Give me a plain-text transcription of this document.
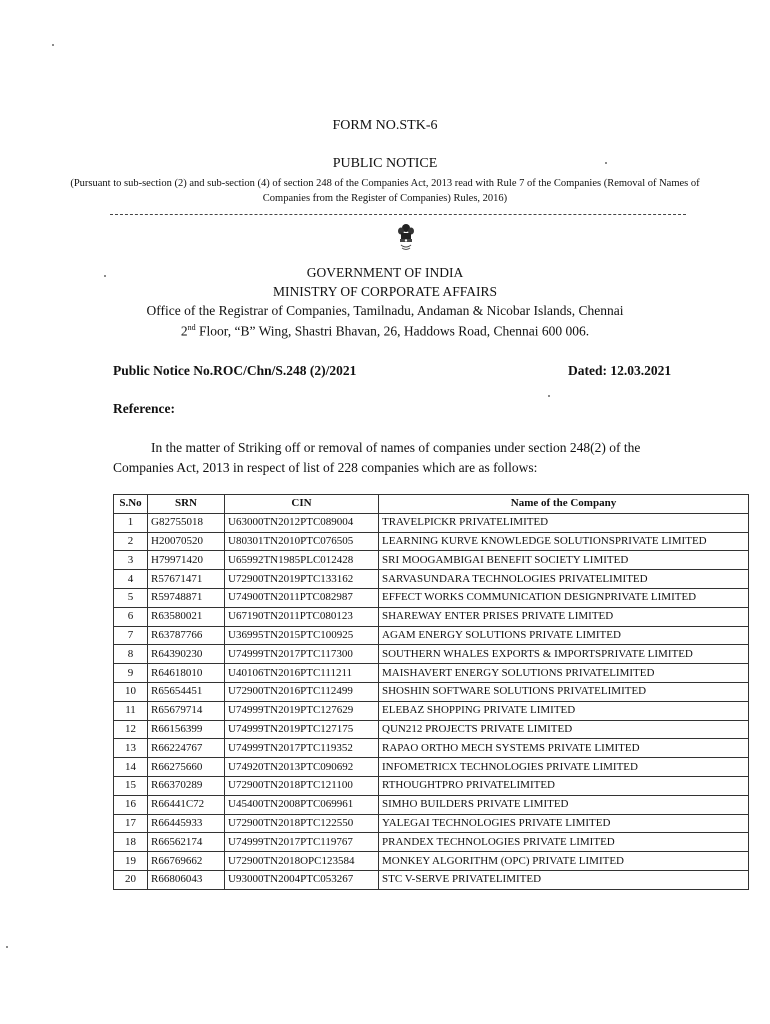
FORM NO.STK-6
PUBLIC NOTICE
(Pursuant to sub-section (2) and sub-section (4) of section 248 of the Companies Act, 2013 read with Rule 7 of the Companies (Removal of Names of Companies from the Register of Companies) Rules, 2016)
GOVERNMENT OF INDIA
MINISTRY OF CORPORATE AFFAIRS
Office of the Registrar of Companies, Tamilnadu, Andaman & Nicobar Islands, Chennai
2nd Floor, “B” Wing, Shastri Bhavan, 26, Haddows Road, Chennai 600 006.
Public Notice No.ROC/Chn/S.248 (2)/2021	Dated: 12.03.2021
Reference:
In the matter of Striking off or removal of names of companies under section 248(2) of the Companies Act, 2013 in respect of list of 228 companies which are as follows:
S.No	SRN	CIN	Name of the Company
1	G82755018	U63000TN2012PTC089004	TRAVELPICKR PRIVATELIMITED
2	H20070520	U80301TN2010PTC076505	LEARNING KURVE KNOWLEDGE SOLUTIONSPRIVATE LIMITED
3	H79971420	U65992TN1985PLC012428	SRI MOOGAMBIGAI BENEFIT SOCIETY LIMITED
4	R57671471	U72900TN2019PTC133162	SARVASUNDARA TECHNOLOGIES PRIVATELIMITED
5	R59748871	U74900TN2011PTC082987	EFFECT WORKS COMMUNICATION DESIGNPRIVATE LIMITED
6	R63580021	U67190TN2011PTC080123	SHAREWAY ENTER PRISES PRIVATE LIMITED
7	R63787766	U36995TN2015PTC100925	AGAM ENERGY SOLUTIONS PRIVATE LIMITED
8	R64390230	U74999TN2017PTC117300	SOUTHERN WHALES EXPORTS & IMPORTSPRIVATE LIMITED
9	R64618010	U40106TN2016PTC111211	MAISHAVERT ENERGY SOLUTIONS PRIVATELIMITED
10	R65654451	U72900TN2016PTC112499	SHOSHIN SOFTWARE SOLUTIONS PRIVATELIMITED
11	R65679714	U74999TN2019PTC127629	ELEBAZ SHOPPING PRIVATE LIMITED
12	R66156399	U74999TN2019PTC127175	QUN212 PROJECTS PRIVATE LIMITED
13	R66224767	U74999TN2017PTC119352	RAPAO ORTHO MECH SYSTEMS PRIVATE LIMITED
14	R66275660	U74920TN2013PTC090692	INFOMETRICX TECHNOLOGIES PRIVATE LIMITED
15	R66370289	U72900TN2018PTC121100	RTHOUGHTPRO PRIVATELIMITED
16	R66441C72	U45400TN2008PTC069961	SIMHO BUILDERS PRIVATE LIMITED
17	R66445933	U72900TN2018PTC122550	YALEGAI TECHNOLOGIES PRIVATE LIMITED
18	R66562174	U74999TN2017PTC119767	PRANDEX TECHNOLOGIES PRIVATE LIMITED
19	R66769662	U72900TN2018OPC123584	MONKEY ALGORITHM (OPC) PRIVATE LIMITED
20	R66806043	U93000TN2004PTC053267	STC V-SERVE PRIVATELIMITED
